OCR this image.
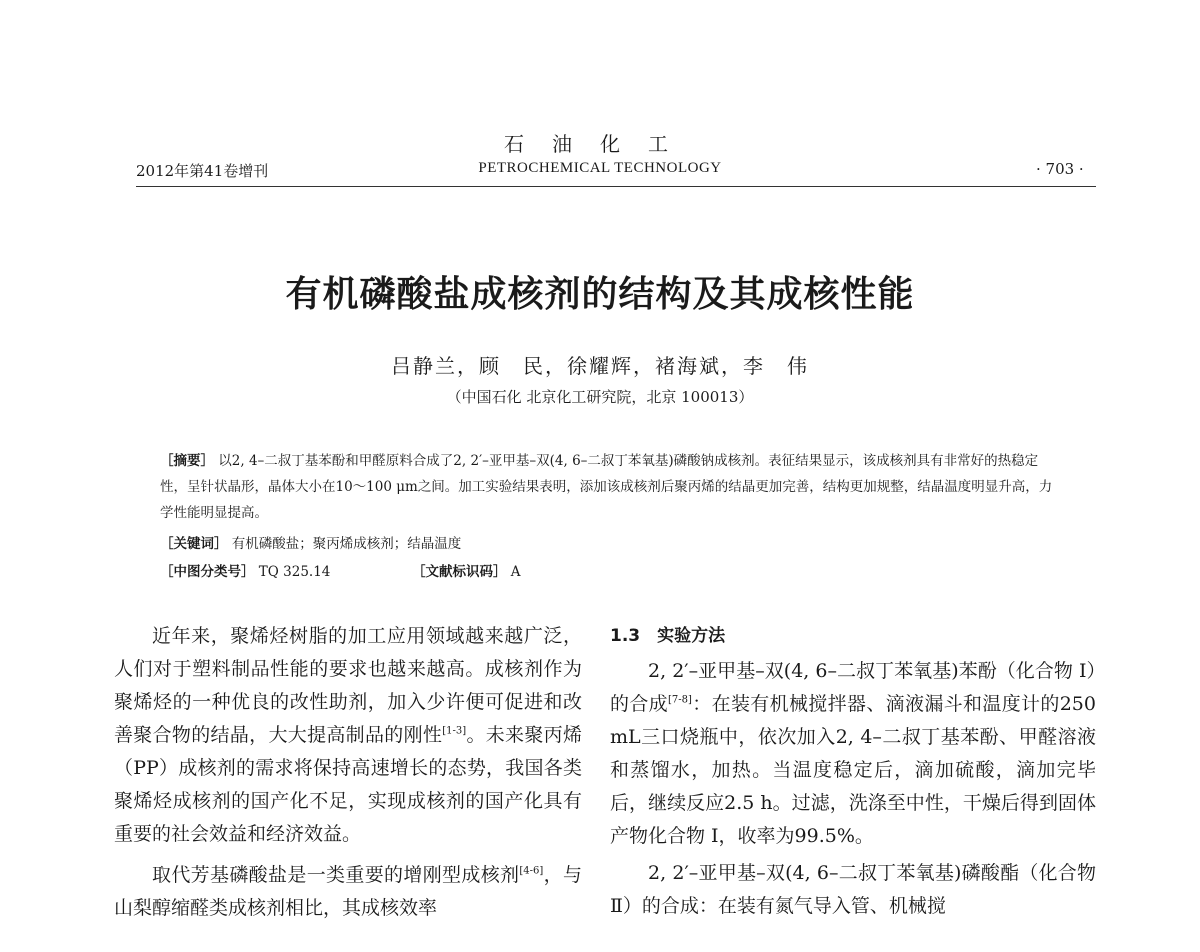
石油化工
2012年第41卷增刊	PETROCHEMICAL TECHNOLOGY	· 703 ·
有机磷酸盐成核剂的结构及其成核性能
吕静兰，顾　民，徐耀辉，褚海斌，李　伟
（中国石化 北京化工研究院，北京 100013）
［摘要］ 以2, 4–二叔丁基苯酚和甲醛原料合成了2, 2′–亚甲基–双(4, 6–二叔丁苯氧基)磷酸钠成核剂。表征结果显示，该成核剂具有非常好的热稳定性，呈针状晶形，晶体大小在10～100 μm之间。加工实验结果表明，添加该成核剂后聚丙烯的结晶更加完善，结构更加规整，结晶温度明显升高，力学性能明显提高。
［关键词］ 有机磷酸盐；聚丙烯成核剂；结晶温度
［中图分类号］ TQ 325.14	［文献标识码］ A

近年来，聚烯烃树脂的加工应用领域越来越广泛，人们对于塑料制品性能的要求也越来越高。成核剂作为聚烯烃的一种优良的改性助剂，加入少许便可促进和改善聚合物的结晶，大大提高制品的刚性[1-3]。未来聚丙烯（PP）成核剂的需求将保持高速增长的态势，我国各类聚烯烃成核剂的国产化不足，实现成核剂的国产化具有重要的社会效益和经济效益。

取代芳基磷酸盐是一类重要的增刚型成核剂[4-6]，与山梨醇缩醛类成核剂相比，其成核效率

1.3　实验方法

2, 2′–亚甲基–双(4, 6–二叔丁苯氧基)苯酚（化合物 Ⅰ）的合成[7-8]：在装有机械搅拌器、滴液漏斗和温度计的250 mL三口烧瓶中，依次加入2, 4–二叔丁基苯酚、甲醛溶液和蒸馏水，加热。当温度稳定后，滴加硫酸，滴加完毕后，继续反应2.5 h。过滤，洗涤至中性，干燥后得到固体产物化合物 Ⅰ，收率为99.5%。

2, 2′–亚甲基–双(4, 6–二叔丁苯氧基)磷酸酯（化合物 Ⅱ）的合成：在装有氮气导入管、机械搅
